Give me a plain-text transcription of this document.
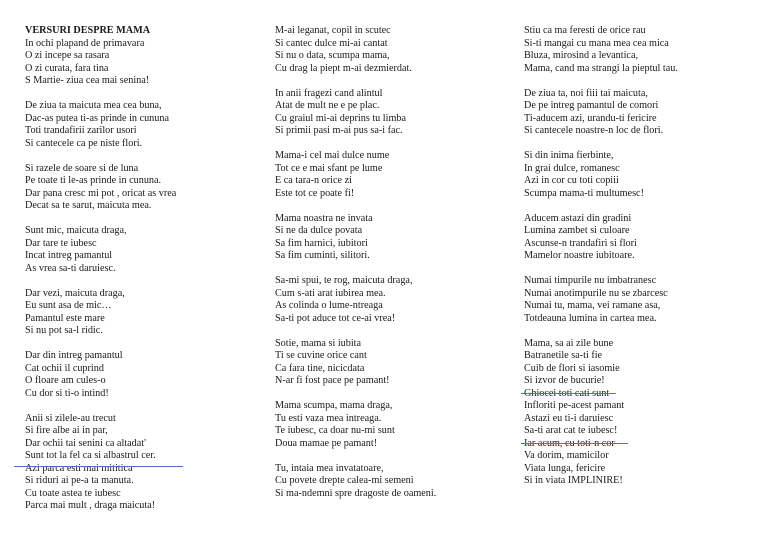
VERSURI DESPRE MAMA
In ochi plapand de primavara
O zi incepe sa rasara
O zi curata, fara tina
S Martie- ziua cea mai senina!
De ziua ta maicuta mea cea buna,
Dac-as putea ti-as prinde in cununa
Toti trandafirii zarilor usori
Si cantecele ca pe niste flori.
Si razele de soare si de luna
Pe toate ti le-as prinde in cununa.
Dar pana cresc mi pot , oricat as vrea
Decat sa te sarut, maicuta mea.
Sunt mic, maicuta draga,
Dar tare te iubesc
Incat intreg pamantul
As vrea sa-ti daruiesc.
Dar vezi, maicuta draga,
Eu sunt asa de mic…
Pamantul este mare
Si nu pot sa-l ridic.
Dar din intreg pamantul
Cat ochii il cuprind
O floare am cules-o
Cu dor si ti-o intind!
Anii si zilele-au trecut
Si fire albe ai in par,
Dar ochii tai senini ca altadat'
Sunt tot la fel ca si albastrul cer.
Azi parca esti mai mititica
Si riduri ai pe-a ta manuta.
Cu toate astea te iubesc
Parca mai mult , draga maicuta!
M-ai leganat, copil in scutec
Si cantec dulce mi-ai cantat
Si nu o data, scumpa mama,
Cu drag la piept m-ai dezmierdat.
In anii fragezi cand alintul
Atat de mult ne e pe plac.
Cu graiul mi-ai deprins tu limba
Si primii pasi m-ai pus sa-i fac.
Mama-i cel mai dulce nume
Tot ce e mai sfant pe lume
E ca tara-n orice zi
Este tot ce poate fi!
Mama noastra ne invata
Si ne da dulce povata
Sa fim harnici, iubitori
Sa fim cuminti, silitori.
Sa-mi spui, te rog, maicuta draga,
Cum s-ati arat iubirea mea.
As colinda o lume-ntreaga
Sa-ti pot aduce tot ce-ai vrea!
Sotie, mama si iubita
Ti se cuvine orice cant
Ca fara tine, nicicdata
N-ar fi fost pace pe pamant!
Mama scumpa, mama draga,
Tu esti vaza mea intreaga.
Te iubesc, ca doar nu-mi sunt
Doua mamae pe pamant!
Tu, intaia mea invatatoare,
Cu povete drepte calea-mi semeni
Si ma-ndemni spre dragoste de oameni.
Stiu ca ma feresti de orice rau
Si-ti mangai cu mana mea cea mica
Bluza, mirosind a levantica,
Mama, cand ma strangi la pieptul tau.
De ziua ta, noi fiii tai maicuta,
De pe intreg pamantul de comori
Ti-aducem azi, urandu-ti fericire
Si cantecele noastre-n loc de flori.
Si din inima fierbinte,
In grai dulce, romanesc
Azi in cor cu toti copiii
Scumpa mama-ti multumesc!
Aducem astazi din gradini
Lumina zambet si culoare
Ascunse-n trandafiri si flori
Mamelor noastre iubitoare.
Numai timpurile nu imbatranesc
Numai anotimpurile nu se zbarcesc
Numai tu, mama, vei ramane asa,
Totdeauna lumina in cartea mea.
Mama, sa ai zile bune
Batranetile sa-ti fie
Cuib de flori si iasomie
Si izvor de bucurie!
Ghiocei toti cati sunt
Infloriti pe-acest pamant
Astazi eu ti-i daruiesc
Sa-ti arat cat te iubesc!
Iar acum, cu toti-n cor
Va dorim, mamicilor
Viata lunga, fericire
Si in viata IMPLINIRE!
